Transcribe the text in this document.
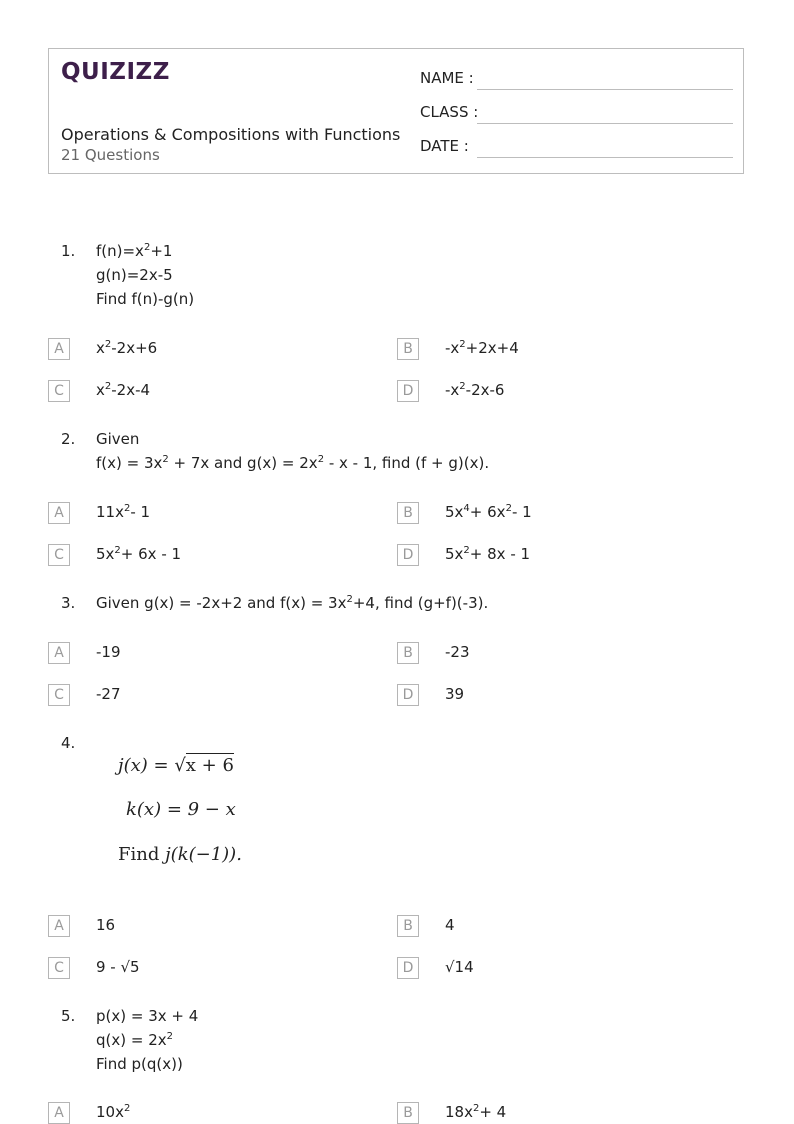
QUIZIZZ
Operations & Compositions with Functions
21 Questions
NAME :
CLASS :
DATE :
1. $f(n)=x^2+1$
g(n)=2x-5
Find f(n)-g(n)
A	$x^2-2x+6$	B	$-x^2+2x+4$
C	$x^2-2x-4$	D	$-x^2-2x-6$
2. Given
$f(x) = 3x^2 + 7x$ and $g(x) = 2x^2 - x - 1$, find (f + g)(x).
A	$11x^2-$ 1	B	$5x^4+ 6x^2-$ 1
C	$5x^2+ 6x - 1$	D	$5x^2+ 8x - 1$
3. Given g(x) = -2x+2 and $f(x) = 3x^2+4$, find (g+f)(-3).
A	-19	B	-23
C	-27	D	39
4.
j(x) = √x + 6
k(x) = 9 − x
Find j(k(−1)).
A	16	B	4
C	9 - √5	D	√14
5. p(x) = 3x + 4
$q(x) = 2x^2$
Find p(q(x))
A	$10x^2$	B	$18x^2+ 4$
